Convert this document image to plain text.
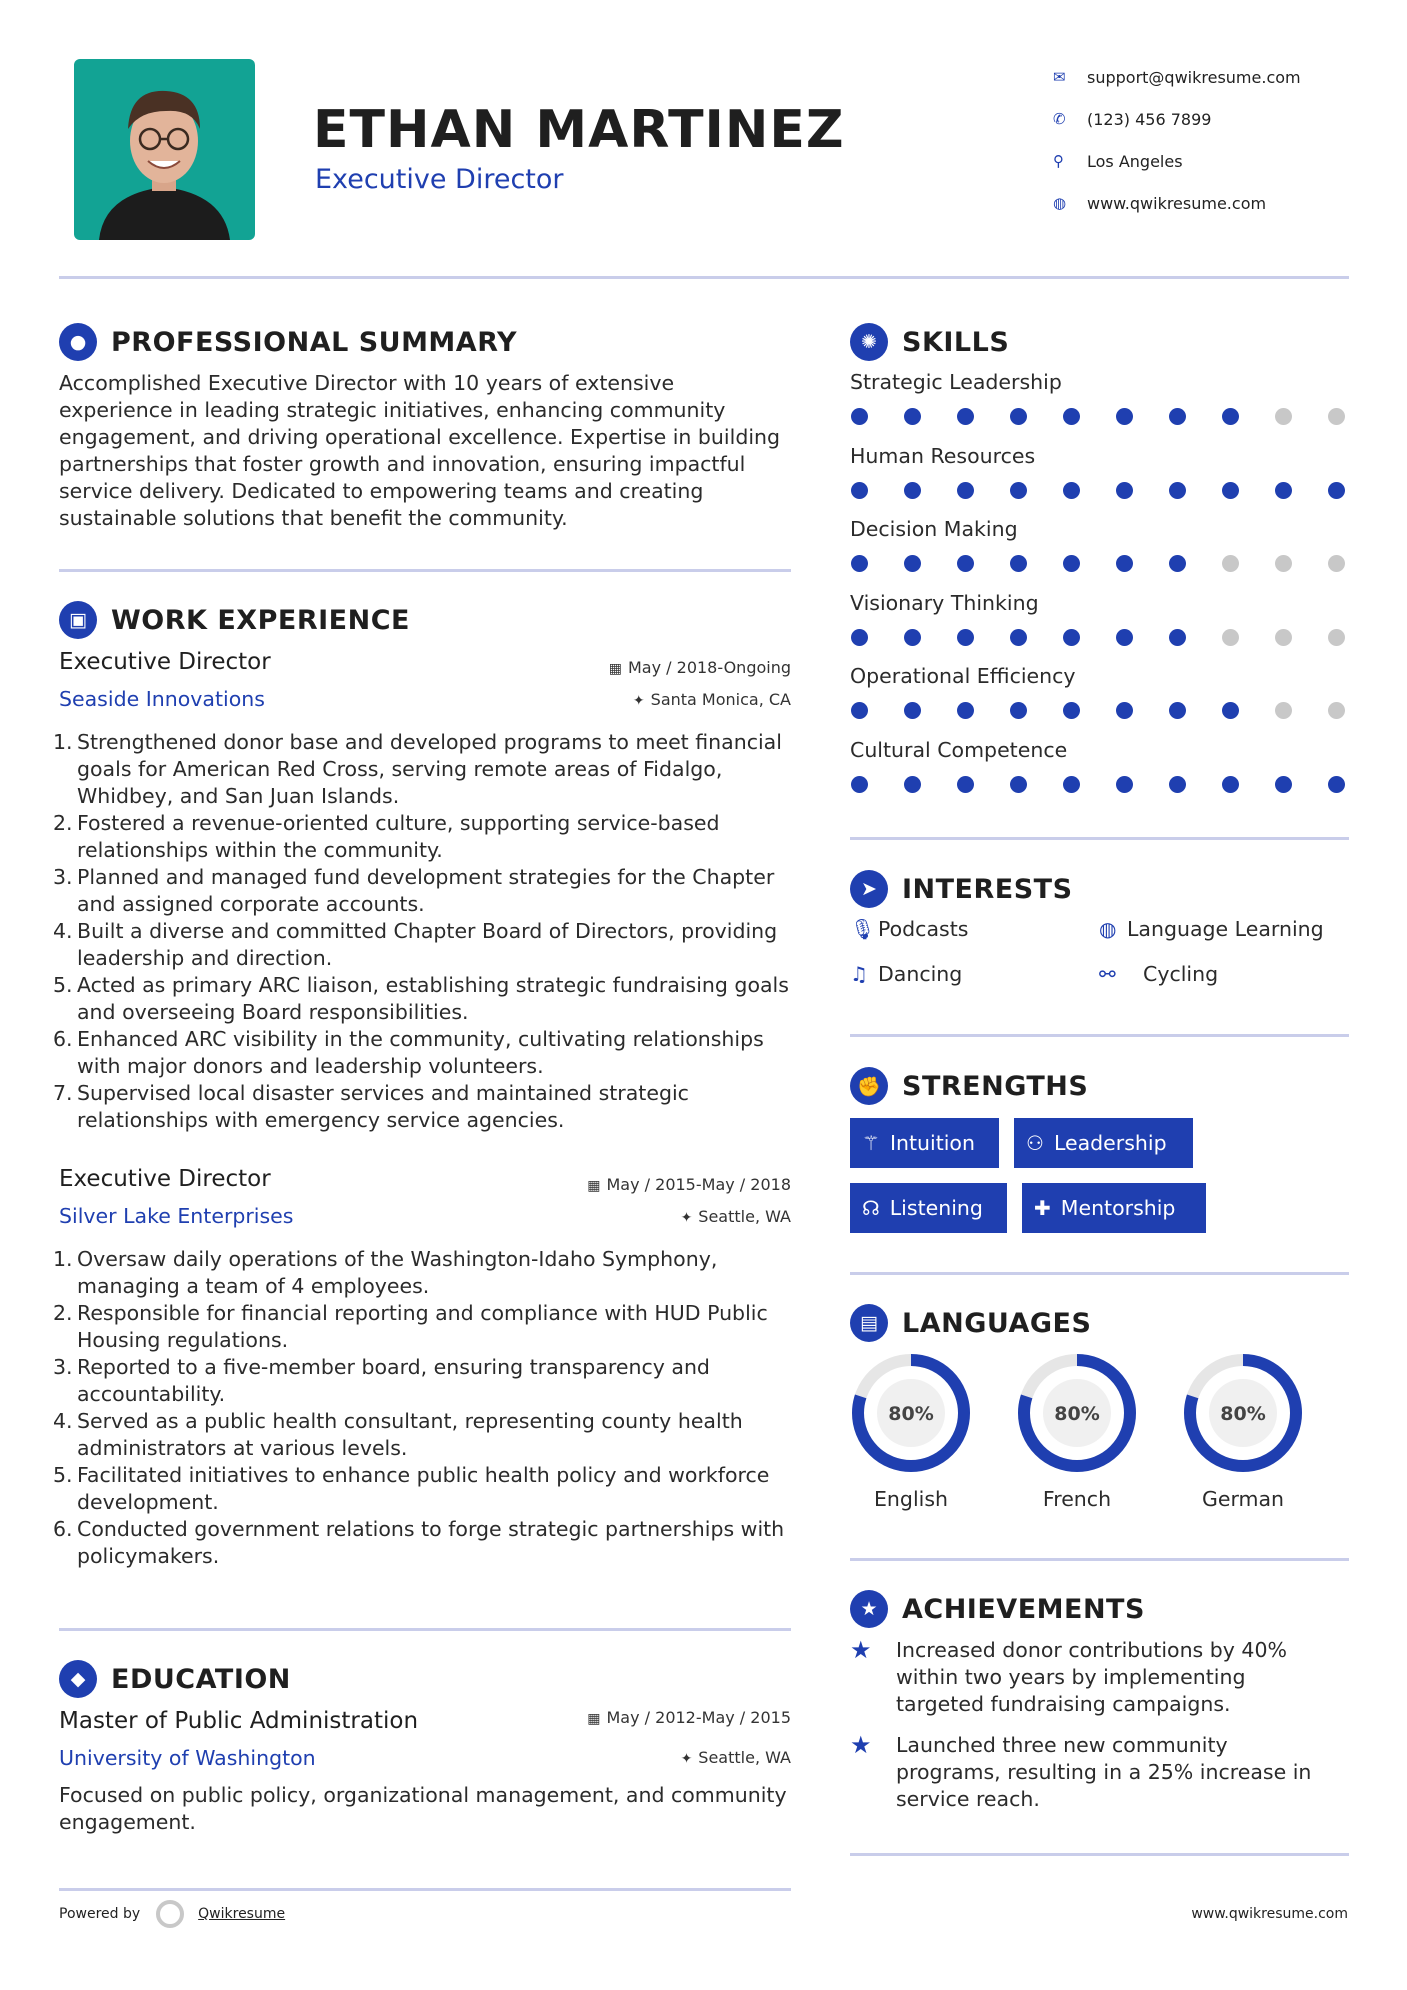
ETHAN MARTINEZ
Executive Director
✉	support@qwikresume.com
✆	(123) 456 7899
⚲	Los Angeles
◍	www.qwikresume.com
● PROFESSIONAL SUMMARY
Accomplished Executive Director with 10 years of extensive experience in leading strategic initiatives, enhancing community engagement, and driving operational excellence. Expertise in building partnerships that foster growth and innovation, ensuring impactful service delivery. Dedicated to empowering teams and creating sustainable solutions that benefit the community.
▣ WORK EXPERIENCE
Executive Director	▦ May / 2018-Ongoing
Seaside Innovations	✦ Santa Monica, CA
1. Strengthened donor base and developed programs to meet financial goals for American Red Cross, serving remote areas of Fidalgo, Whidbey, and San Juan Islands.
2. Fostered a revenue-oriented culture, supporting service-based relationships within the community.
3. Planned and managed fund development strategies for the Chapter and assigned corporate accounts.
4. Built a diverse and committed Chapter Board of Directors, providing leadership and direction.
5. Acted as primary ARC liaison, establishing strategic fundraising goals and overseeing Board responsibilities.
6. Enhanced ARC visibility in the community, cultivating relationships with major donors and leadership volunteers.
7. Supervised local disaster services and maintained strategic relationships with emergency service agencies.
Executive Director	▦ May / 2015-May / 2018
Silver Lake Enterprises	✦ Seattle, WA
1. Oversaw daily operations of the Washington-Idaho Symphony, managing a team of 4 employees.
2. Responsible for financial reporting and compliance with HUD Public Housing regulations.
3. Reported to a five-member board, ensuring transparency and accountability.
4. Served as a public health consultant, representing county health administrators at various levels.
5. Facilitated initiatives to enhance public health policy and workforce development.
6. Conducted government relations to forge strategic partnerships with policymakers.
◆ EDUCATION
Master of Public Administration	▦ May / 2012-May / 2015
University of Washington	✦ Seattle, WA
Focused on public policy, organizational management, and community engagement.
✺ SKILLS
Strategic Leadership
Human Resources
Decision Making
Visionary Thinking
Operational Efficiency
Cultural Competence
➤ INTERESTS
🎙 Podcasts	◍ Language Learning
♫ Dancing	⚯	Cycling
✊ STRENGTHS
⚚ Intuition	⚇ Leadership
☊ Listening	✚ Mentorship
▤ LANGUAGES
80%
English
80%
French
80%
German
★ ACHIEVEMENTS
★	Increased donor contributions by 40% within two years by implementing targeted fundraising campaigns.
★	Launched three new community programs, resulting in a 25% increase in service reach.
Powered by	Qwikresume	www.qwikresume.com
